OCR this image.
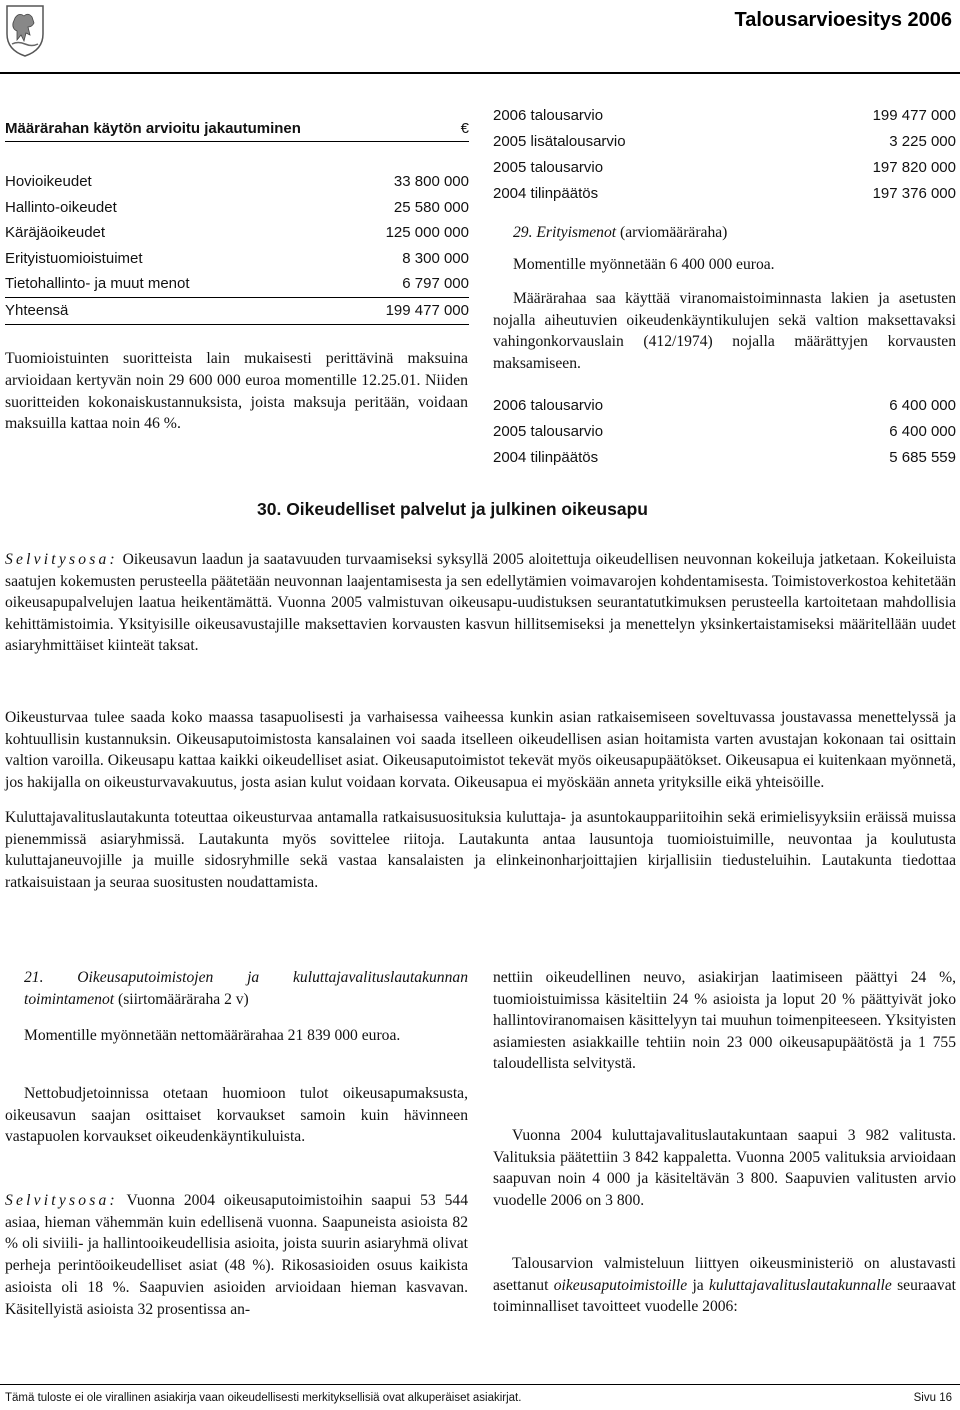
Talousarvioesitys 2006
Määrärahan käytön arvioitu jakautuminen	€
Hovioikeudet	33 800 000
Hallinto-oikeudet	25 580 000
Käräjäoikeudet	125 000 000
Erityistuomioistuimet	8 300 000
Tietohallinto- ja muut menot	6 797 000
Yhteensä	199 477 000
Tuomioistuinten suoritteista lain mukaisesti perittävinä maksuina arvioidaan kertyvän noin 29 600 000 euroa momentille 12.25.01. Niiden suoritteiden kokonaiskustannuksista, joista maksuja peritään, voidaan maksuilla kattaa noin 46 %.
2006 talousarvio	199 477 000
2005 lisätalousarvio	3 225 000
2005 talousarvio	197 820 000
2004 tilinpäätös	197 376 000
29. Erityismenot (arviomääräraha)
Momentille myönnetään 6 400 000 euroa.
Määrärahaa saa käyttää viranomaistoiminnasta lakien ja asetusten nojalla aiheutuvien oikeudenkäyntikulujen sekä valtion maksettavaksi vahingonkorvauslain (412/1974) nojalla määrättyjen korvausten maksamiseen.
2006 talousarvio	6 400 000
2005 talousarvio	6 400 000
2004 tilinpäätös	5 685 559
30. Oikeudelliset palvelut ja julkinen oikeusapu
Selvitysosa: Oikeusavun laadun ja saatavuuden turvaamiseksi syksyllä 2005 aloitettuja oikeudellisen neuvonnan kokeiluja jatketaan. Kokeiluista saatujen kokemusten perusteella päätetään neuvonnan laajentamisesta ja sen edellytämien voimavarojen kohdentamisesta. Toimistoverkostoa kehitetään oikeusapupalvelujen laatua heikentämättä. Vuonna 2005 valmistuvan oikeusapu-uudistuksen seurantatutkimuksen perusteella kartoitetaan mahdollisia kehittämistoimia. Yksityisille oikeusavustajille maksettavien korvausten kasvun hillitsemiseksi ja menettelyn yksinkertaistamiseksi määritellään uudet asiaryhmittäiset kiinteät taksat.
Oikeusturvaa tulee saada koko maassa tasapuolisesti ja varhaisessa vaiheessa kunkin asian ratkaisemiseen soveltuvassa joustavassa menettelyssä ja kohtuullisin kustannuksin. Oikeusaputoimistosta kansalainen voi saada itselleen oikeudellisen asian hoitamista varten avustajan kokonaan tai osittain valtion varoilla. Oikeusapu kattaa kaikki oikeudelliset asiat. Oikeusaputoimistot tekevät myös oikeusapupäätökset. Oikeusapua ei kuitenkaan myönnetä, jos hakijalla on oikeusturvavakuutus, josta asian kulut voidaan korvata. Oikeusapua ei myöskään anneta yrityksille eikä yhteisöille.
Kuluttajavalituslautakunta toteuttaa oikeusturvaa antamalla ratkaisusuosituksia kuluttaja- ja asuntokauppariitoihin sekä erimielisyyksiin eräissä muissa pienemmissä asiaryhmissä. Lautakunta myös sovittelee riitoja. Lautakunta antaa lausuntoja tuomioistuimille, neuvontaa ja koulutusta kuluttajaneuvojille ja muille sidosryhmille sekä vastaa kansalaisten ja elinkeinonharjoittajien kirjallisiin tiedusteluihin. Lautakunta tiedottaa ratkaisuistaan ja seuraa suositusten noudattamista.
21. Oikeusaputoimistojen ja kuluttajavalituslautakunnan toimintamenot (siirtomääräraha 2 v)
Momentille myönnetään nettomäärärahaa 21 839 000 euroa.
Nettobudjetoinnissa otetaan huomioon tulot oikeusapumaksusta, oikeusavun saajan osittaiset korvaukset samoin kuin hävinneen vastapuolen korvaukset oikeudenkäyntikuluista.
Selvitysosa: Vuonna 2004 oikeusaputoimistoihin saapui 53 544 asiaa, hieman vähemmän kuin edellisenä vuonna. Saapuneista asioista 82 % oli siviili- ja hallintooikeudellisia asioita, joista suurin asiaryhmä olivat perheja perintöoikeudelliset asiat (48 %). Rikosasioiden osuus kaikista asioista oli 18 %. Saapuvien asioiden arvioidaan hieman kasvavan. Käsitellyistä asioista 32 prosentissa an-
nettiin oikeudellinen neuvo, asiakirjan laatimiseen päättyi 24 %, tuomioistuimissa käsiteltiin 24 % asioista ja loput 20 % päättyivät joko hallintoviranomaisen käsittelyyn tai muuhun toimenpiteeseen. Yksityisten asiamiesten asiakkaille tehtiin noin 23 000 oikeusapupäätöstä ja 1 755 taloudellista selvitystä.
Vuonna 2004 kuluttajavalituslautakuntaan saapui 3 982 valitusta. Valituksia päätettiin 3 842 kappaletta. Vuonna 2005 valituksia arvioidaan saapuvan noin 4 000 ja käsiteltävän 3 800. Saapuvien valitusten arvio vuodelle 2006 on 3 800.
Talousarvion valmisteluun liittyen oikeusministeriö on alustavasti asettanut oikeusaputoimistoille ja kuluttajavalituslautakunnalle seuraavat toiminnalliset tavoitteet vuodelle 2006:
Tämä tuloste ei ole virallinen asiakirja vaan oikeudellisesti merkityksellisiä ovat alkuperäiset asiakirjat.	Sivu 16
